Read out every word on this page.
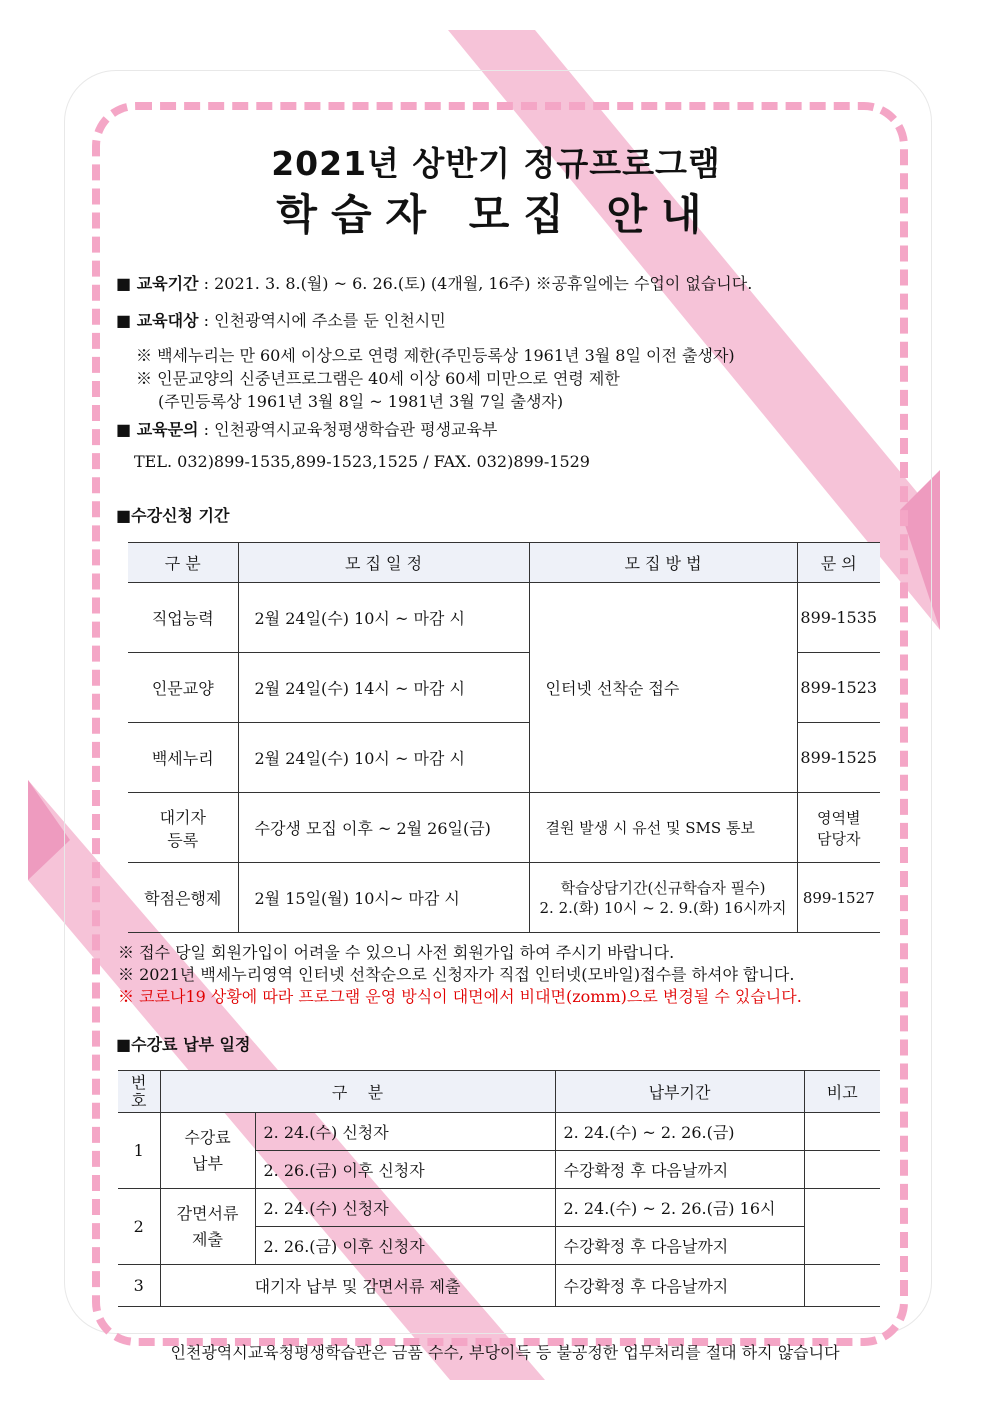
2021년 상반기 정규프로그램
학습자 모집 안내
■ 교육기간 : 2021. 3. 8.(월) ~ 6. 26.(토) (4개월, 16주) ※공휴일에는 수업이 없습니다.
■ 교육대상 : 인천광역시에 주소를 둔 인천시민
※ 백세누리는 만 60세 이상으로 연령 제한(주민등록상 1961년 3월 8일 이전 출생자)
※ 인문교양의 신중년프로그램은 40세 이상 60세 미만으로 연령 제한
(주민등록상 1961년 3월 8일 ~ 1981년 3월 7일 출생자)
■ 교육문의 : 인천광역시교육청평생학습관 평생교육부
TEL. 032)899-1535,899-1523,1525 / FAX. 032)899-1529
■수강신청 기간
구 분	모 집 일 정	모 집 방 법	문 의
직업능력	2월 24일(수) 10시 ~ 마감 시	인터넷 선착순 접수	899-1535
인문교양	2월 24일(수) 14시 ~ 마감 시		899-1523
백세누리	2월 24일(수) 10시 ~ 마감 시		899-1525
대기자
등록	수강생 모집 이후 ~ 2월 26일(금)	결원 발생 시 유선 및 SMS 통보	영역별
담당자
학점은행제	2월 15일(월) 10시~ 마감 시	학습상담기간(신규학습자 필수)
2. 2.(화) 10시 ~ 2. 9.(화) 16시까지	899-1527
※ 접수 당일 회원가입이 어려울 수 있으니 사전 회원가입 하여 주시기 바랍니다.
※ 2021년 백세누리영역 인터넷 선착순으로 신청자가 직접 인터넷(모바일)접수를 하셔야 합니다.
※ 코로나19 상황에 따라 프로그램 운영 방식이 대면에서 비대면(zomm)으로 변경될 수 있습니다.
■수강료 납부 일정
번
호	구    분		납부기간	비고
1	수강료
납부	2. 24.(수) 신청자	2. 24.(수) ~ 2. 26.(금)	
		2. 26.(금) 이후 신청자	수강확정 후 다음날까지	
2	감면서류
제출	2. 24.(수) 신청자	2. 24.(수) ~ 2. 26.(금) 16시	
		2. 26.(금) 이후 신청자	수강확정 후 다음날까지	
3	대기자 납부 및 감면서류 제출		수강확정 후 다음날까지	
인천광역시교육청평생학습관은 금품 수수, 부당이득 등 불공정한 업무처리를 절대 하지 않습니다
